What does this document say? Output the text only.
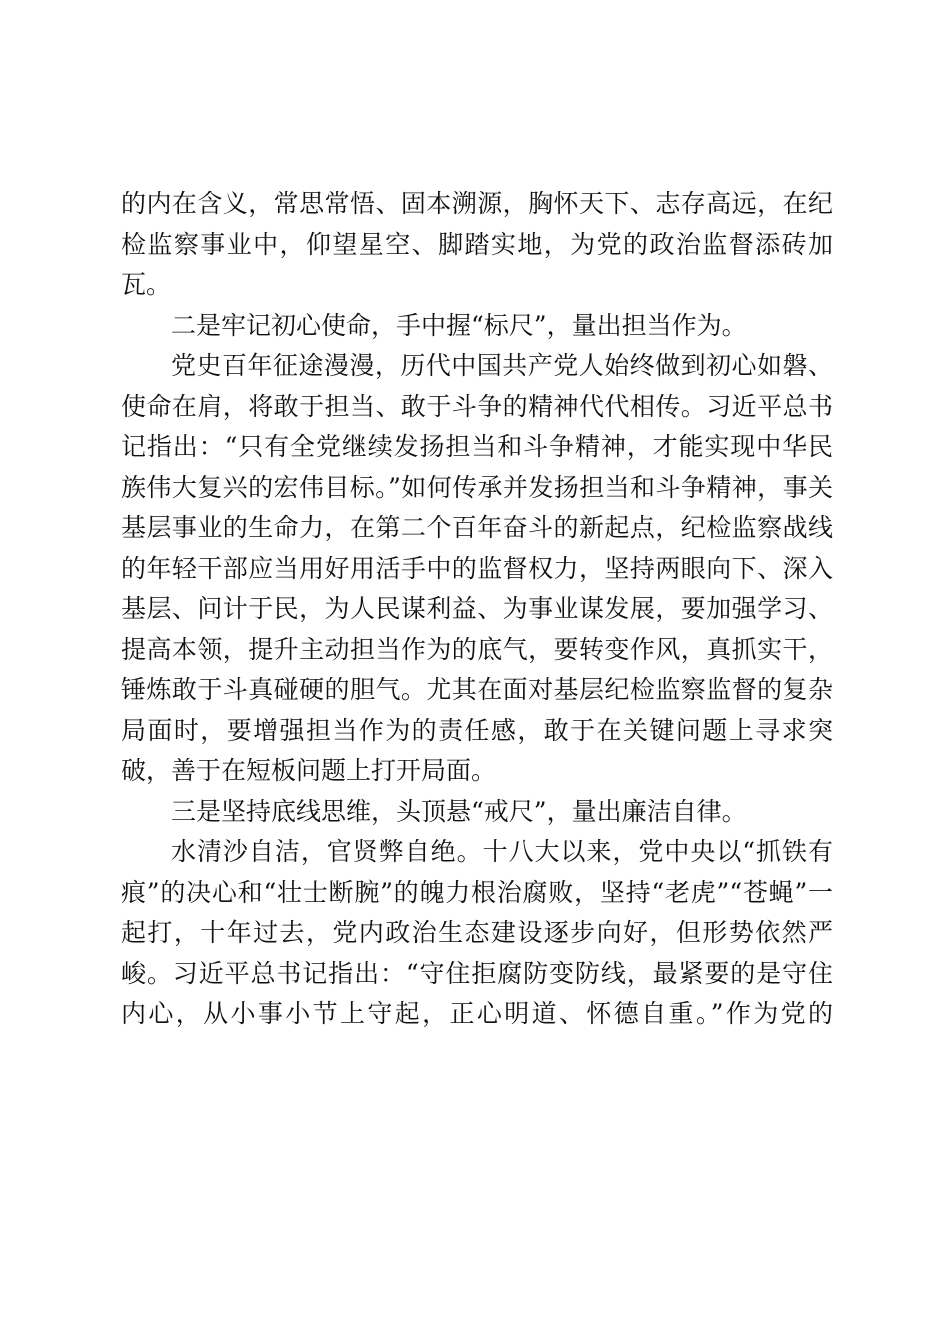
的内在含义，常思常悟、固本溯源，胸怀天下、志存高远，在纪检监察事业中，仰望星空、脚踏实地，为党的政治监督添砖加瓦。

二是牢记初心使命，手中握“标尺”，量出担当作为。

党史百年征途漫漫，历代中国共产党人始终做到初心如磐、使命在肩，将敢于担当、敢于斗争的精神代代相传。习近平总书记指出：“只有全党继续发扬担当和斗争精神，才能实现中华民族伟大复兴的宏伟目标。”如何传承并发扬担当和斗争精神，事关基层事业的生命力，在第二个百年奋斗的新起点，纪检监察战线的年轻干部应当用好用活手中的监督权力，坚持两眼向下、深入基层、问计于民，为人民谋利益、为事业谋发展，要加强学习、提高本领，提升主动担当作为的底气，要转变作风，真抓实干，锤炼敢于斗真碰硬的胆气。尤其在面对基层纪检监察监督的复杂局面时，要增强担当作为的责任感，敢于在关键问题上寻求突破，善于在短板问题上打开局面。

三是坚持底线思维，头顶悬“戒尺”，量出廉洁自律。

水清沙自洁，官贤弊自绝。十八大以来，党中央以“抓铁有痕”的决心和“壮士断腕”的魄力根治腐败，坚持“老虎”“苍蝇”一起打，十年过去，党内政治生态建设逐步向好，但形势依然严峻。习近平总书记指出：“守住拒腐防变防线，最紧要的是守住内心，从小事小节上守起，正心明道、怀德自重。”作为党的
